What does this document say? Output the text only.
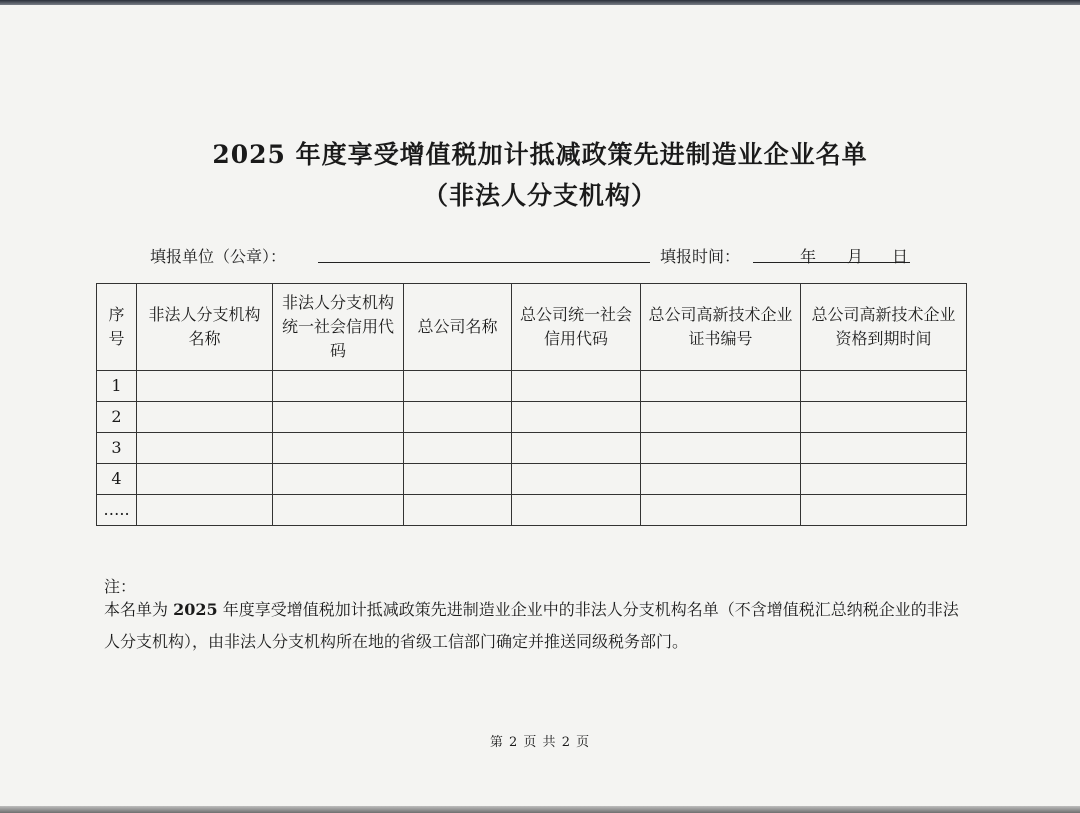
2025 年度享受增值税加计抵减政策先进制造业企业名单
（非法人分支机构）
填报单位（公章）：	填报时间：	年 月 日
序号	非法人分支机构名称	非法人分支机构统一社会信用代码	总公司名称	总公司统一社会信用代码	总公司高新技术企业证书编号	总公司高新技术企业资格到期时间
1						
2						
3						
4						
…..						
注：
本名单为 2025 年度享受增值税加计抵减政策先进制造业企业中的非法人分支机构名单（不含增值税汇总纳税企业的非法人分支机构），由非法人分支机构所在地的省级工信部门确定并推送同级税务部门。
第 2 页 共 2 页
